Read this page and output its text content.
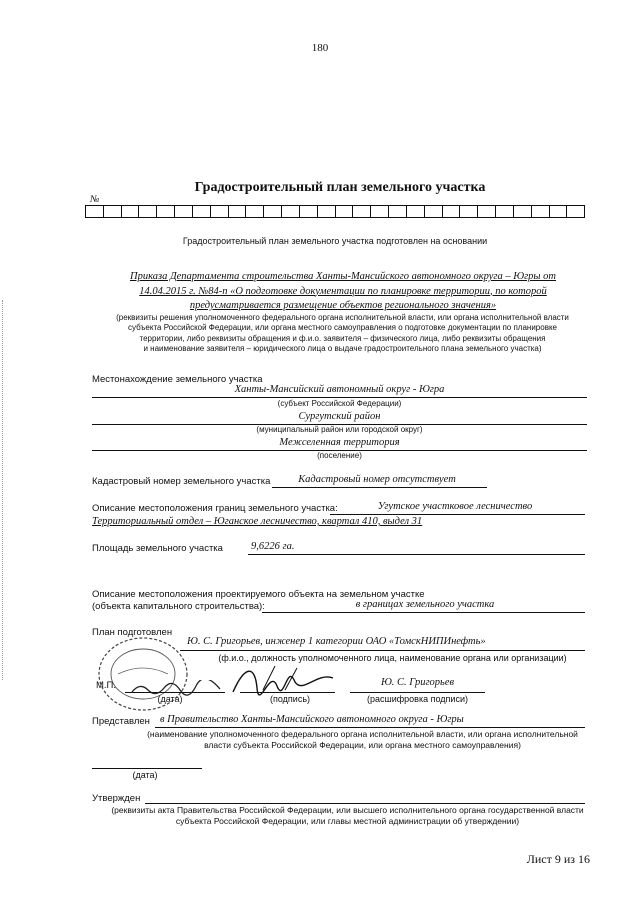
180
Градостроительный план земельного участка
№
Градостроительный план земельного участка подготовлен на основании
Приказа Департамента строительства Ханты-Мансийского автономного округа – Югры от
14.04.2015 г. №84-п «О подготовке документации по планировке территории, по которой
предусматривается размещение объектов регионального значения»
(реквизиты решения уполномоченного федерального органа исполнительной власти, или органа исполнительной власти
субъекта Российской Федерации, или органа местного самоуправления о подготовке документации по планировке
территории, либо реквизиты обращения и ф.и.о. заявителя – физического лица, либо реквизиты обращения
и наименование заявителя – юридического лица о выдаче градостроительного плана земельного участка)
Местонахождение земельного участка
Ханты-Мансийский автономный округ - Югра
(субъект Российской Федерации)
Сургутский район
(муниципальный район или городской округ)
Межселенная территория
(поселение)
Кадастровый номер земельного участка	Кадастровый номер отсутствует
Описание местоположения границ земельного участка:	Угутское участковое лесничество
Территориальный отдел – Юганское лесничество, квартал 410, выдел 31
Площадь земельного участка	9,6226 га.
Описание местоположения проектируемого объекта на земельном участке
(объекта капитального строительства):	в границах земельного участка
План подготовлен
Ю. С. Григорьев, инженер 1 категории ОАО «ТомскНИПИнефть»
(ф.и.о., должность уполномоченного лица, наименование органа или организации)
М.П.
(дата)	(подпись)
Ю. С. Григорьев
(расшифровка подписи)
Представлен в Правительство Ханты-Мансийского автономного округа - Югры
(наименование уполномоченного федерального органа исполнительной власти, или органа исполнительной
власти субъекта Российской Федерации, или органа местного самоуправления)
(дата)
Утвержден
(реквизиты акта Правительства Российской Федерации, или высшего исполнительного органа государственной власти
субъекта Российской Федерации, или главы местной администрации об утверждении)
Лист 9 из 16
